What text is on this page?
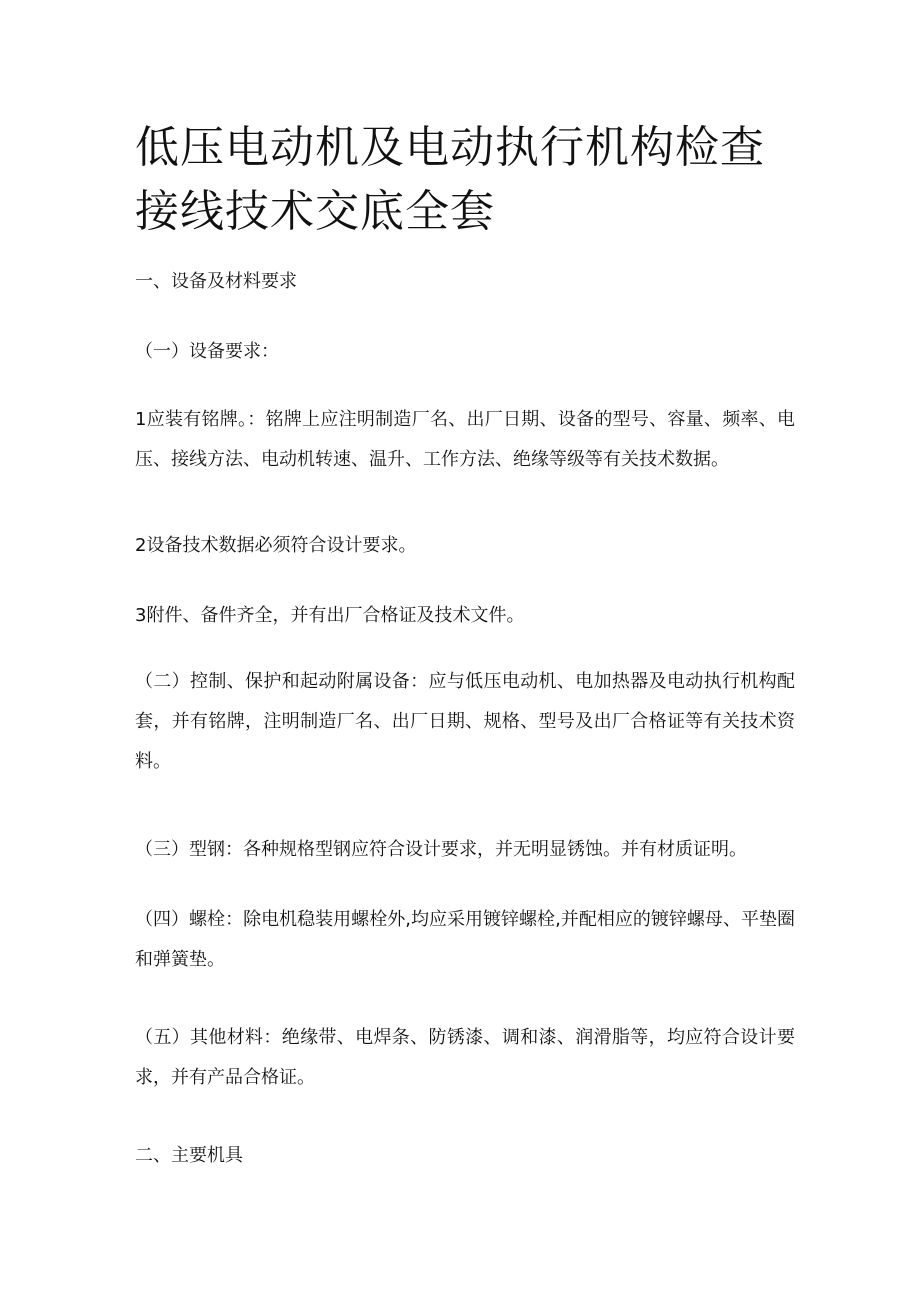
低压电动机及电动执行机构检查接线技术交底全套

一、设备及材料要求

（一）设备要求：

1应装有铭牌。：铭牌上应注明制造厂名、出厂日期、设备的型号、容量、频率、电压、接线方法、电动机转速、温升、工作方法、绝缘等级等有关技术数据。

2设备技术数据必须符合设计要求。

3附件、备件齐全，并有出厂合格证及技术文件。

（二）控制、保护和起动附属设备：应与低压电动机、电加热器及电动执行机构配套，并有铭牌，注明制造厂名、出厂日期、规格、型号及出厂合格证等有关技术资料。

（三）型钢：各种规格型钢应符合设计要求，并无明显锈蚀。并有材质证明。

（四）螺栓：除电机稳装用螺栓外,均应采用镀锌螺栓,并配相应的镀锌螺母、平垫圈和弹簧垫。

（五）其他材料：绝缘带、电焊条、防锈漆、调和漆、润滑脂等，均应符合设计要求，并有产品合格证。

二、主要机具
